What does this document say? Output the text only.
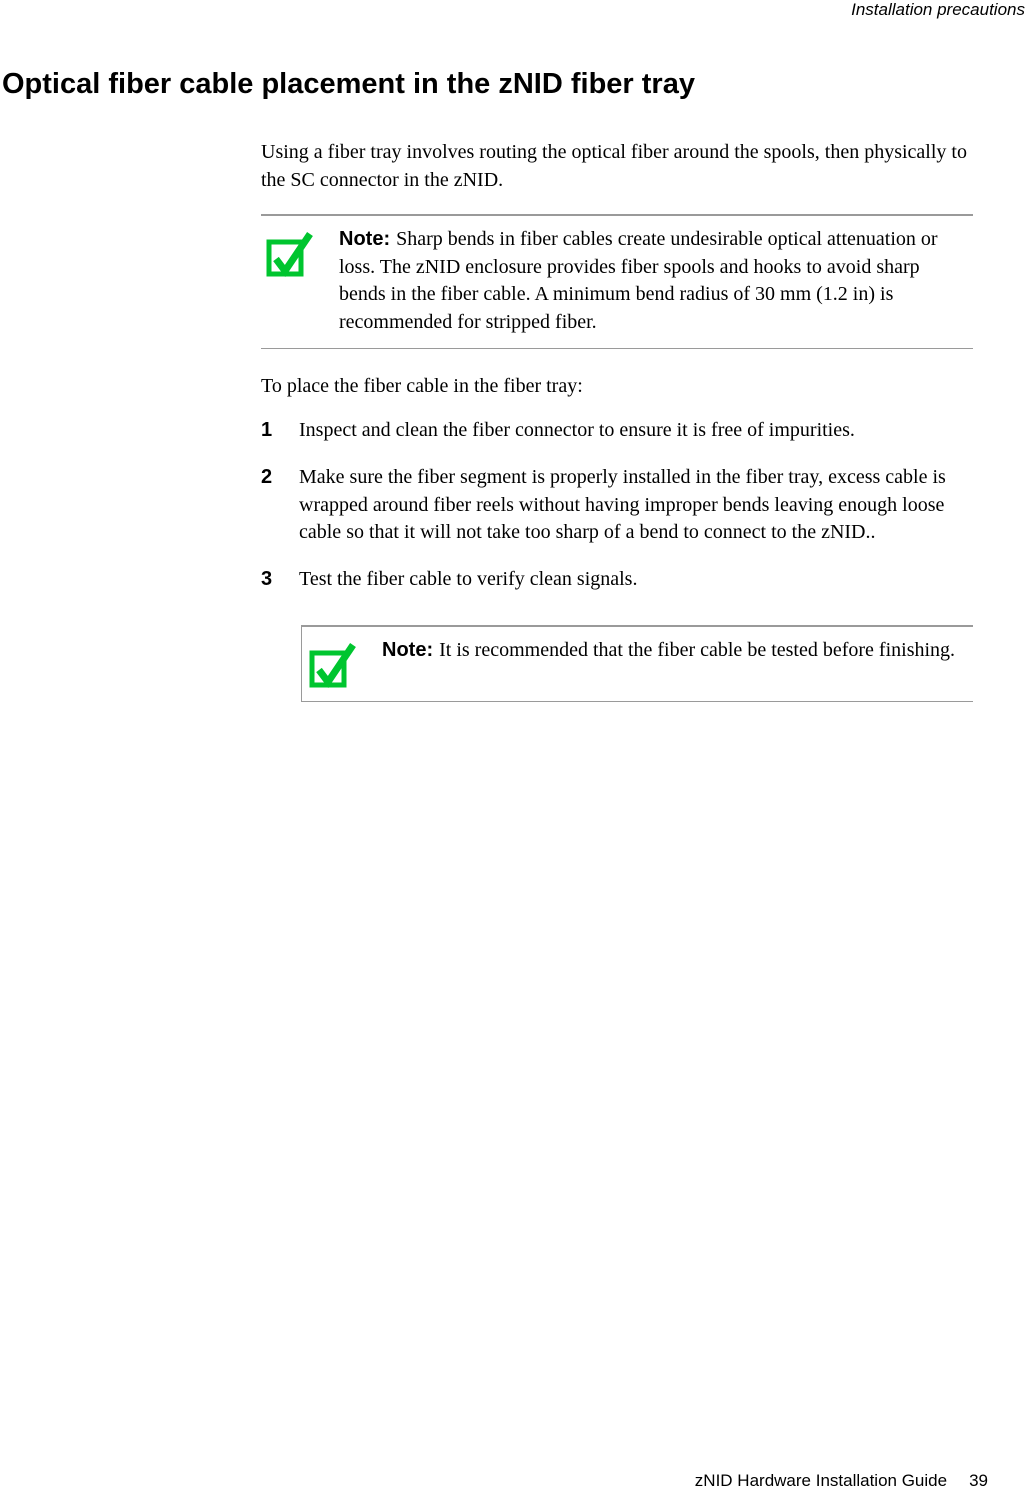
Installation precautions
Optical fiber cable placement in the zNID fiber tray

Using a fiber tray involves routing the optical fiber around the spools, then physically to the SC connector in the zNID.

Note: Sharp bends in fiber cables create undesirable optical attenuation or loss. The zNID enclosure provides fiber spools and hooks to avoid sharp bends in the fiber cable. A minimum bend radius of 30 mm (1.2 in) is recommended for stripped fiber.

To place the fiber cable in the fiber tray:

1	Inspect and clean the fiber connector to ensure it is free of impurities.
2	Make sure the fiber segment is properly installed in the fiber tray, excess cable is wrapped around fiber reels without having improper bends leaving enough loose cable so that it will not take too sharp of a bend to connect to the zNID..
3	Test the fiber cable to verify clean signals.
Note: It is recommended that the fiber cable be tested before finishing.
zNID Hardware Installation Guide 39
